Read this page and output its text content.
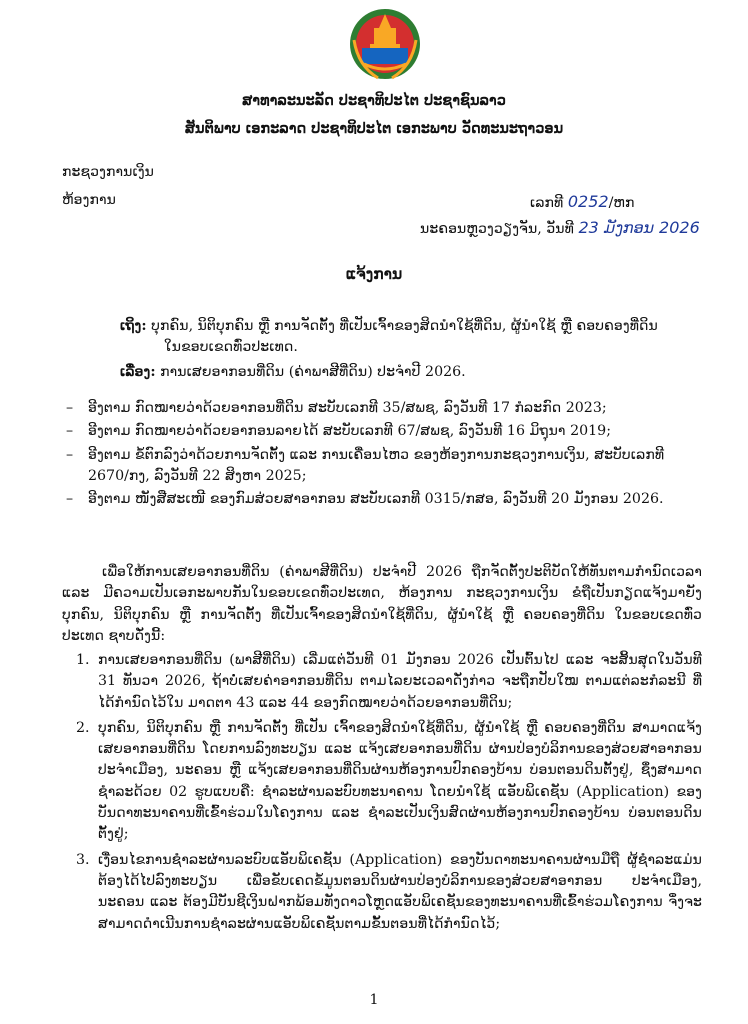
ສາທາລະນະລັດ ປະຊາທິປະໄຕ ປະຊາຊົນລາວ
ສັນຕິພາບ ເອກະລາດ ປະຊາທິປະໄຕ ເອກະພາບ ວັດທະນະຖາວອນ
ກະຊວງການເງິນ
ຫ້ອງການ	ເລກທີ 0252/ຫກ
ນະຄອນຫຼວງວຽງຈັນ, ວັນທີ 23 ມັງກອນ 2026
ແຈ້ງການ
ເຖິງ: ບຸກຄົນ, ນິຕິບຸກຄົນ ຫຼື ການຈັດຕັ້ງ ທີ່ເປັນເຈົ້າຂອງສິດນຳໃຊ້ທີ່ດິນ, ຜູ້ນຳໃຊ້ ຫຼື ຄອບຄອງທີ່ດິນ
ໃນຂອບເຂດທົ່ວປະເທດ.
ເລື່ອງ: ການເສຍອາກອນທີ່ດິນ (ຄ່າພາສີທີ່ດິນ) ປະຈຳປີ 2026.
– ອີງຕາມ ກົດໝາຍວ່າດ້ວຍອາກອນທີ່ດິນ ສະບັບເລກທີ 35/ສພຊ, ລົງວັນທີ 17 ກໍລະກົດ 2023;
– ອີງຕາມ ກົດໝາຍວ່າດ້ວຍອາກອນລາຍໄດ້ ສະບັບເລກທີ 67/ສພຊ, ລົງວັນທີ 16 ມິຖຸນາ 2019;
– ອີງຕາມ ຂໍ້ຕົກລົງວ່າດ້ວຍການຈັດຕັ້ງ ແລະ ການເຄື່ອນໄຫວ ຂອງຫ້ອງການກະຊວງການເງິນ, ສະບັບເລກທີ 2670/ກງ, ລົງວັນທີ 22 ສິງຫາ 2025;
– ອີງຕາມ ໜັງສືສະເໜີ ຂອງກົມສ່ວຍສາອາກອນ ສະບັບເລກທີ 0315/ກສອ, ລົງວັນທີ 20 ມັງກອນ 2026.

ເພື່ອໃຫ້ການເສຍອາກອນທີ່ດິນ (ຄ່າພາສີທີ່ດິນ) ປະຈຳປີ 2026 ຖືກຈັດຕັ້ງປະຕິບັດໃຫ້ທັນຕາມກຳນົດເວລາ ແລະ ມີຄວາມເປັນເອກະພາບກັນໃນຂອບເຂດທົ່ວປະເທດ, ຫ້ອງການ ກະຊວງການເງິນ ຂໍຖືເປັນກຽດແຈ້ງມາຍັງ ບຸກຄົນ, ນິຕິບຸກຄົນ ຫຼື ການຈັດຕັ້ງ ທີ່ເປັນເຈົ້າຂອງສິດນຳໃຊ້ທີ່ດິນ, ຜູ້ນຳໃຊ້ ຫຼື ຄອບຄອງທີ່ດິນ ໃນຂອບເຂດທົ່ວປະເທດ ຊາບດັ່ງນີ້:

1. ການເສຍອາກອນທີ່ດິນ (ພາສີທີ່ດິນ) ເລີ່ມແຕ່ວັນທີ 01 ມັງກອນ 2026 ເປັນຕົ້ນໄປ ແລະ ຈະສິ້ນສຸດໃນວັນທີ 31 ທັນວາ 2026, ຖ້າບໍ່ເສຍຄ່າອາກອນທີ່ດິນ ຕາມໄລຍະເວລາດັ່ງກ່າວ ຈະຖືກປັບໃໝ ຕາມແຕ່ລະກໍລະນີ ທີ່ໄດ້ກຳນົດໄວ້ໃນ ມາດຕາ 43 ແລະ 44 ຂອງກົດໝາຍວ່າດ້ວຍອາກອນທີ່ດິນ;
2. ບຸກຄົນ, ນິຕິບຸກຄົນ ຫຼື ການຈັດຕັ້ງ ທີ່ເປັນ ເຈົ້າຂອງສິດນຳໃຊ້ທີ່ດິນ, ຜູ້ນຳໃຊ້ ຫຼື ຄອບຄອງທີ່ດິນ ສາມາດແຈ້ງເສຍອາກອນທີ່ດິນ ໂດຍການລົງທະບຽນ ແລະ ແຈ້ງເສຍອາກອນທີ່ດິນ ຜ່ານປ່ອງບໍລິການຂອງສ່ວຍສາອາກອນ ປະຈຳເມືອງ, ນະຄອນ ຫຼື ແຈ້ງເສຍອາກອນທີ່ດິນຜ່ານຫ້ອງການປົກຄອງບ້ານ ບ່ອນຕອນດິນຕັ້ງຢູ່, ຊຶ່ງສາມາດຊຳລະດ້ວຍ 02 ຮູບແບບຄື: ຊຳລະຜ່ານລະບົບທະນາຄານ ໂດຍນຳໃຊ້ ແອັບພິເຄຊັນ (Application) ຂອງບັນດາທະນາຄານທີ່ເຂົ້າຮ່ວມໃນໂຄງການ ແລະ ຊຳລະເປັນເງິນສົດຜ່ານຫ້ອງການປົກຄອງບ້ານ ບ່ອນຕອນດິນຕັ້ງຢູ່;
3. ເງື່ອນໄຂການຊຳລະຜ່ານລະບົບແອັບພິເຄຊັນ (Application) ຂອງບັນດາທະນາຄານຜ່ານມືຖື ຜູ້ຊຳລະແມ່ນຕ້ອງໄດ້ໄປລົງທະບຽນ ເພື່ອຂັບເຄດຂໍ້ມູນຕອນດິນຜ່ານປ່ອງບໍລິການຂອງສ່ວຍສາອາກອນ ປະຈຳເມືອງ, ນະຄອນ ແລະ ຕ້ອງມີບັນຊີເງິນຝາກພ້ອມທັງດາວໂຫຼດແອັບພິເຄຊັນຂອງທະນາຄານທີ່ເຂົ້າຮ່ວມໂຄງການ ຈຶ່ງຈະສາມາດດຳເນີນການຊຳລະຜ່ານແອັບພິເຄຊັນຕາມຂັ້ນຕອນທີ່ໄດ້ກຳນົດໄວ້;
1
